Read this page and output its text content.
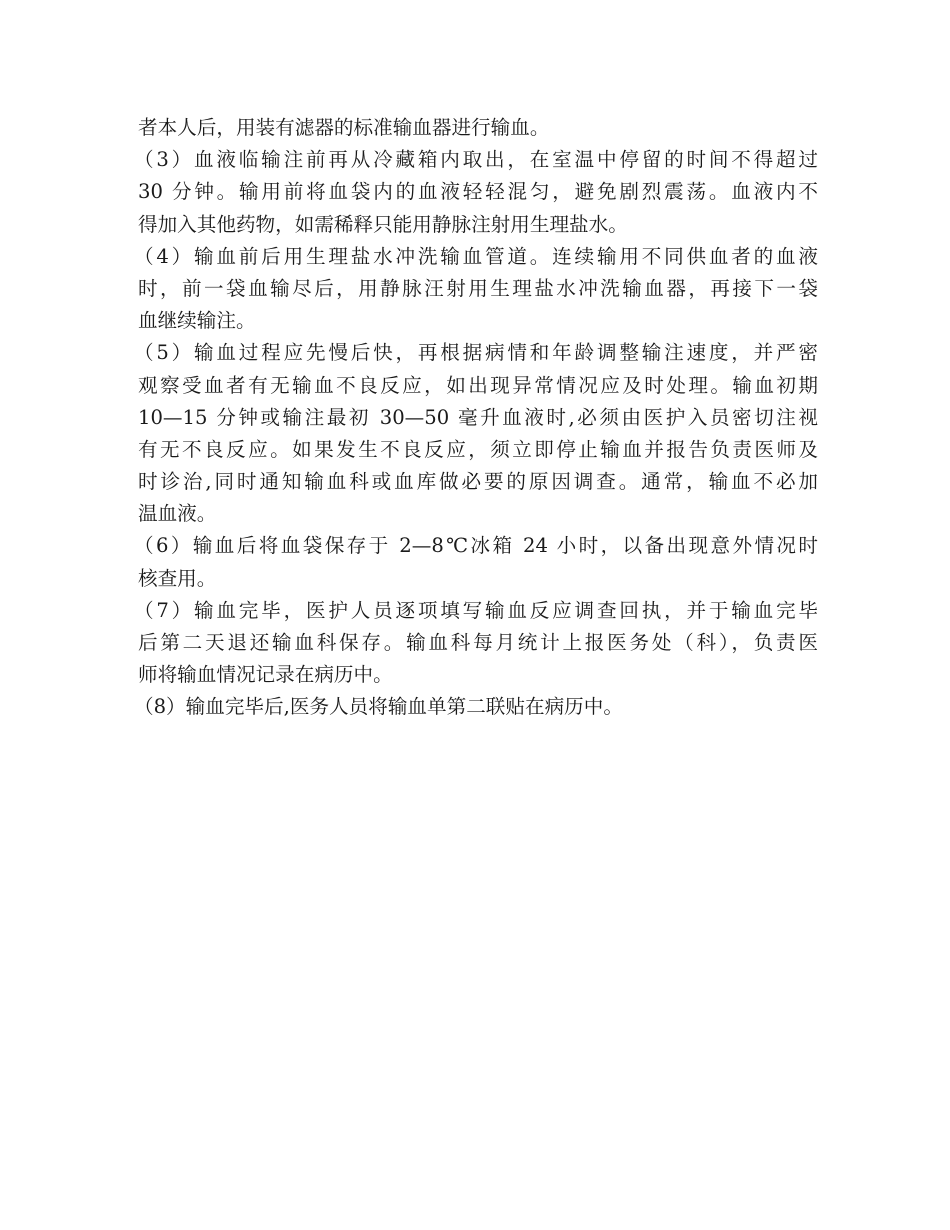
者本人后，用装有滤器的标准输血器进行输血。
（3）血液临输注前再从冷藏箱内取出，在室温中停留的时间不得超过
30 分钟。输用前将血袋内的血液轻轻混匀，避免剧烈震荡。血液内不
得加入其他药物，如需稀释只能用静脉注射用生理盐水。
（4）输血前后用生理盐水冲洗输血管道。连续输用不同供血者的血液
时，前一袋血输尽后，用静脉汪射用生理盐水冲洗输血器，再接下一袋
血继续输注。
（5）输血过程应先慢后快，再根据病情和年龄调整输注速度，并严密
观察受血者有无输血不良反应，如出现异常情况应及时处理。输血初期
10—15 分钟或输注最初 30—50 毫升血液时,必须由医护入员密切注视
有无不良反应。如果发生不良反应，须立即停止输血并报告负责医师及
时诊治,同时通知输血科或血库做必要的原因调查。通常，输血不必加
温血液。
（6）输血后将血袋保存于 2—8℃冰箱 24 小时，以备出现意外情况时
核查用。
（7）输血完毕，医护人员逐项填写输血反应调查回执，并于输血完毕
后第二天退还输血科保存。输血科每月统计上报医务处（科），负责医
师将输血情况记录在病历中。
（8）输血完毕后,医务人员将输血单第二联贴在病历中。
